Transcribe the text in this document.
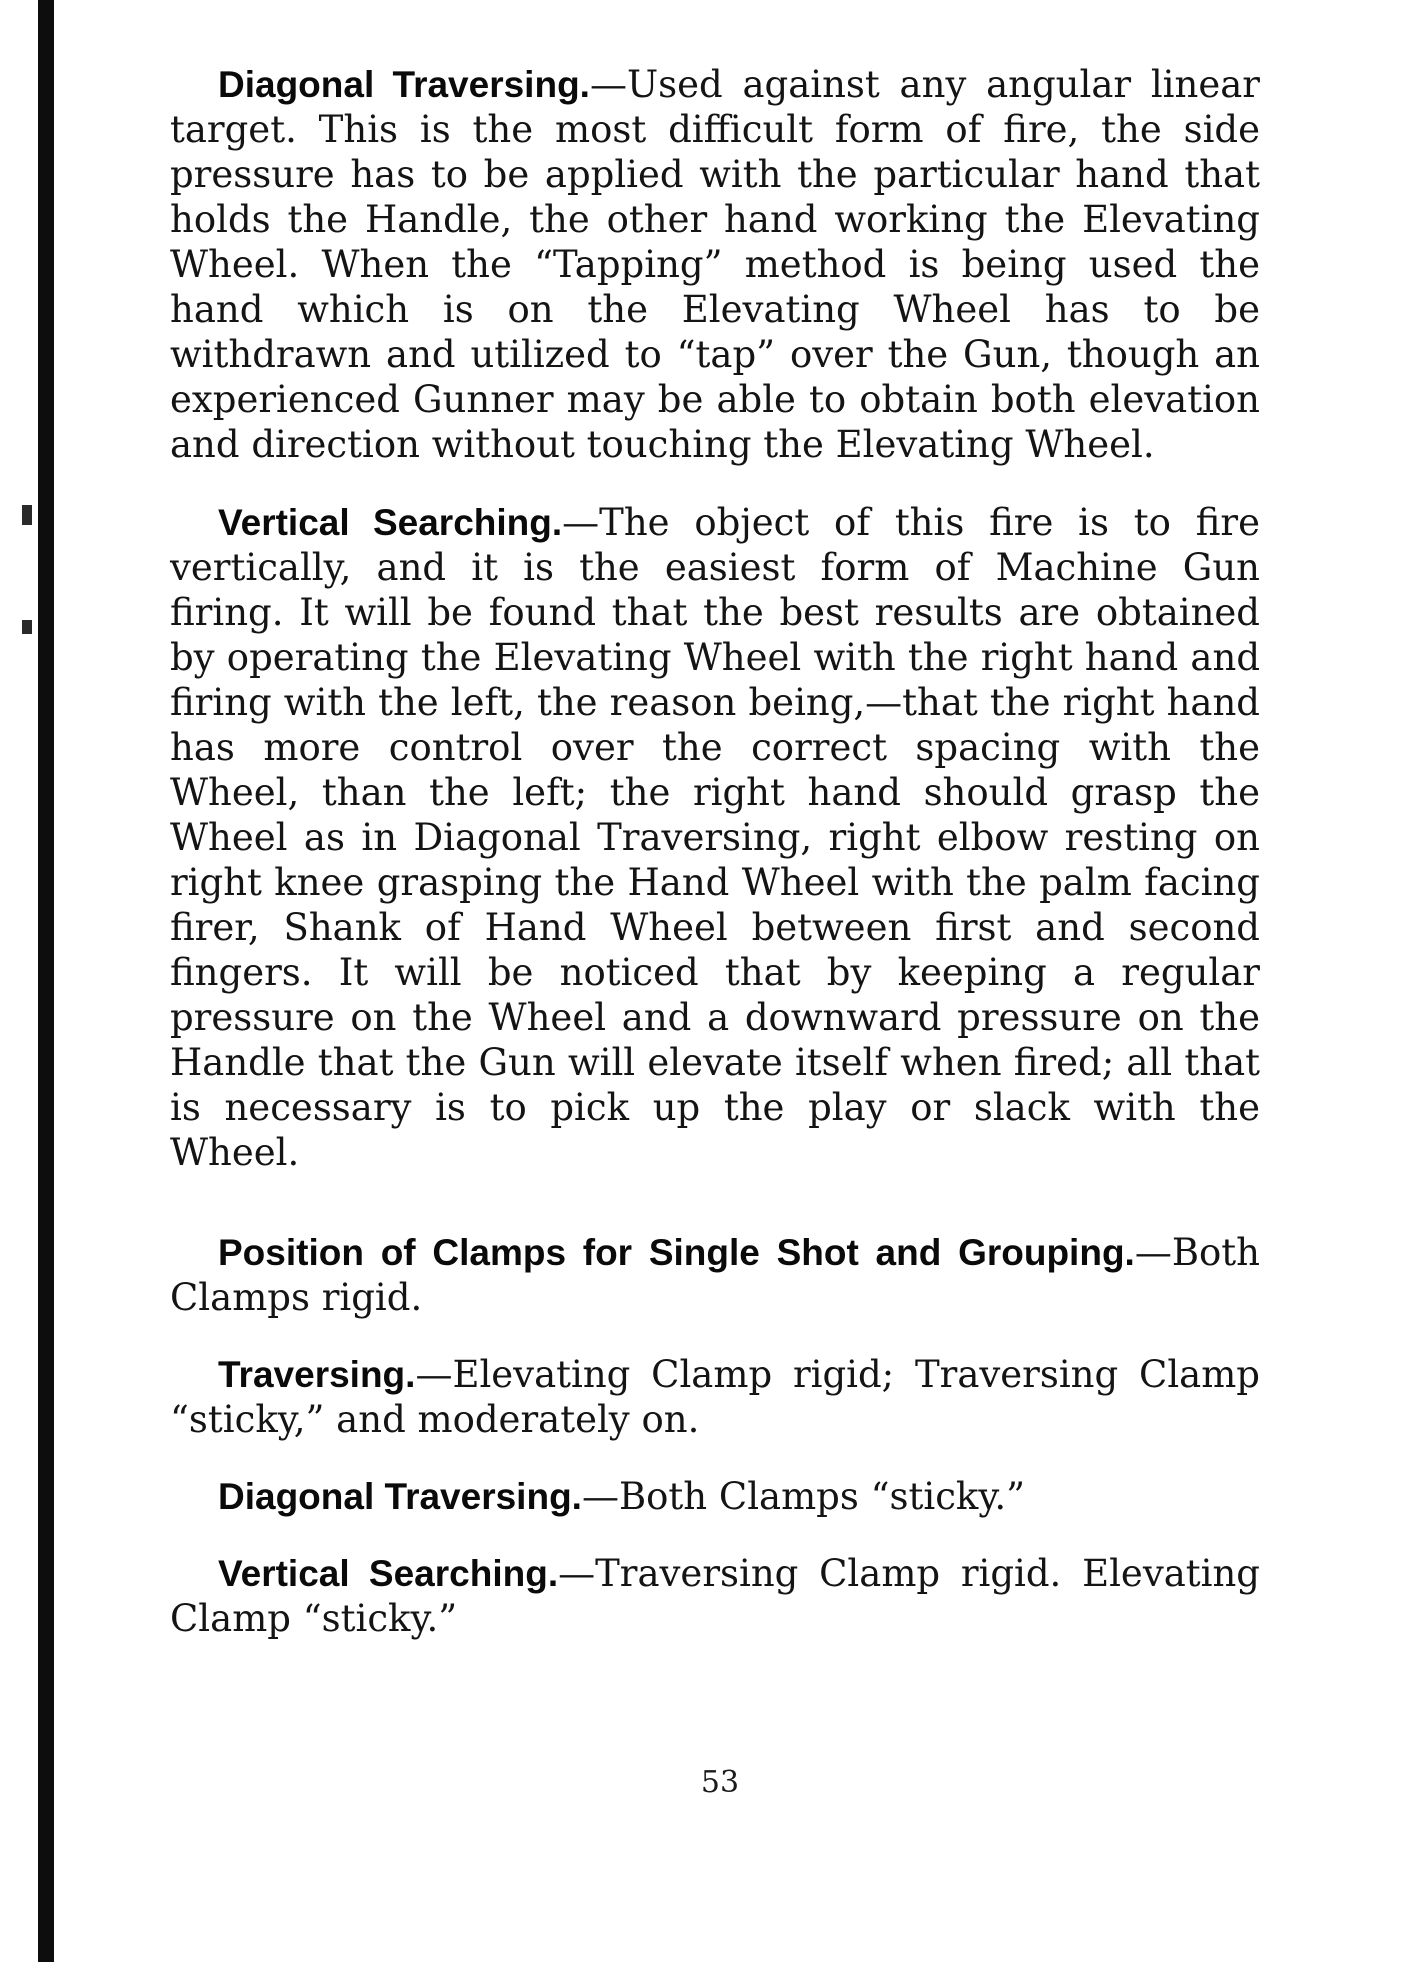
Diagonal Traversing.—Used against any angular linear target. This is the most difficult form of fire, the side pressure has to be applied with the particular hand that holds the Handle, the other hand working the Elevating Wheel. When the “Tapping” method is being used the hand which is on the Elevating Wheel has to be withdrawn and utilized to “tap” over the Gun, though an experienced Gunner may be able to obtain both elevation and direction without touching the Elevating Wheel.

Vertical Searching.—The object of this fire is to fire vertically, and it is the easiest form of Machine Gun firing. It will be found that the best results are obtained by operating the Elevating Wheel with the right hand and firing with the left, the reason being,—that the right hand has more control over the correct spacing with the Wheel, than the left; the right hand should grasp the Wheel as in Diagonal Traversing, right elbow resting on right knee grasping the Hand Wheel with the palm facing firer, Shank of Hand Wheel between first and second fingers. It will be noticed that by keeping a regular pressure on the Wheel and a downward pressure on the Handle that the Gun will elevate itself when fired; all that is necessary is to pick up the play or slack with the Wheel.

Position of Clamps for Single Shot and Grouping.—Both Clamps rigid.

Traversing.—Elevating Clamp rigid; Traversing Clamp “sticky,” and moderately on.

Diagonal Traversing.—Both Clamps “sticky.”

Vertical Searching.—Traversing Clamp rigid. Elevating Clamp “sticky.”

53
